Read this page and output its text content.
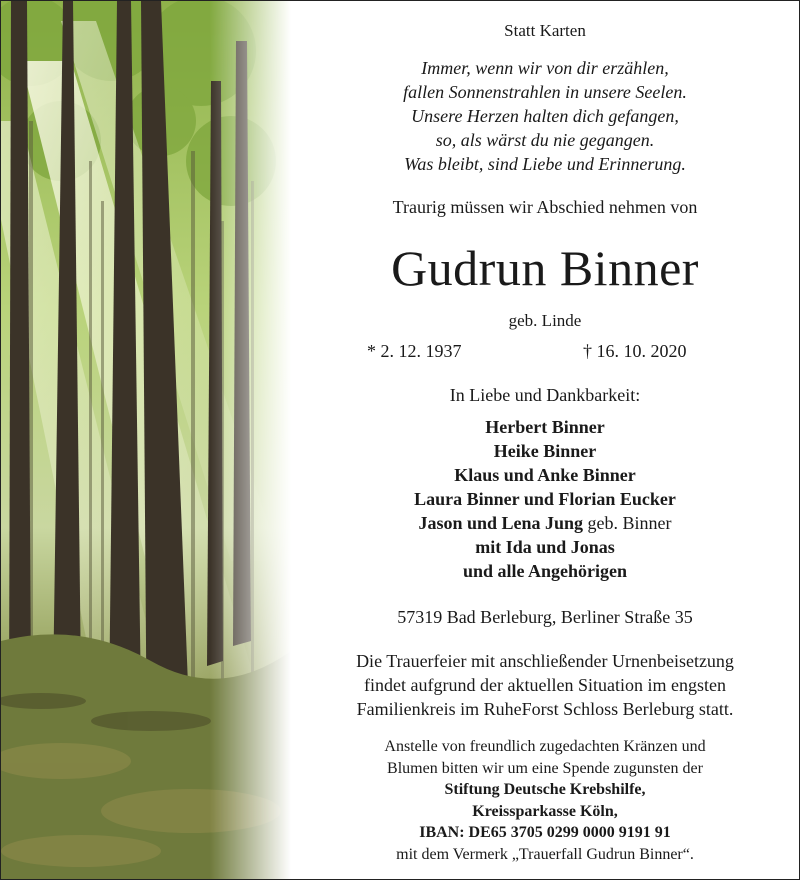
Statt Karten
Immer, wenn wir von dir erzählen,
fallen Sonnenstrahlen in unsere Seelen.
Unsere Herzen halten dich gefangen,
so, als wärst du nie gegangen.
Was bleibt, sind Liebe und Erinnerung.
Traurig müssen wir Abschied nehmen von
Gudrun Binner
geb. Linde
* 2. 12. 1937	† 16. 10. 2020
In Liebe und Dankbarkeit:
Herbert Binner
Heike Binner
Klaus und Anke Binner
Laura Binner und Florian Eucker
Jason und Lena Jung geb. Binner
mit Ida und Jonas
und alle Angehörigen
57319 Bad Berleburg, Berliner Straße 35
Die Trauerfeier mit anschließender Urnenbeisetzung
findet aufgrund der aktuellen Situation im engsten
Familienkreis im RuheForst Schloss Berleburg statt.
Anstelle von freundlich zugedachten Kränzen und
Blumen bitten wir um eine Spende zugunsten der
Stiftung Deutsche Krebshilfe,
Kreissparkasse Köln,
IBAN: DE65 3705 0299 0000 9191 91
mit dem Vermerk „Trauerfall Gudrun Binner“.
